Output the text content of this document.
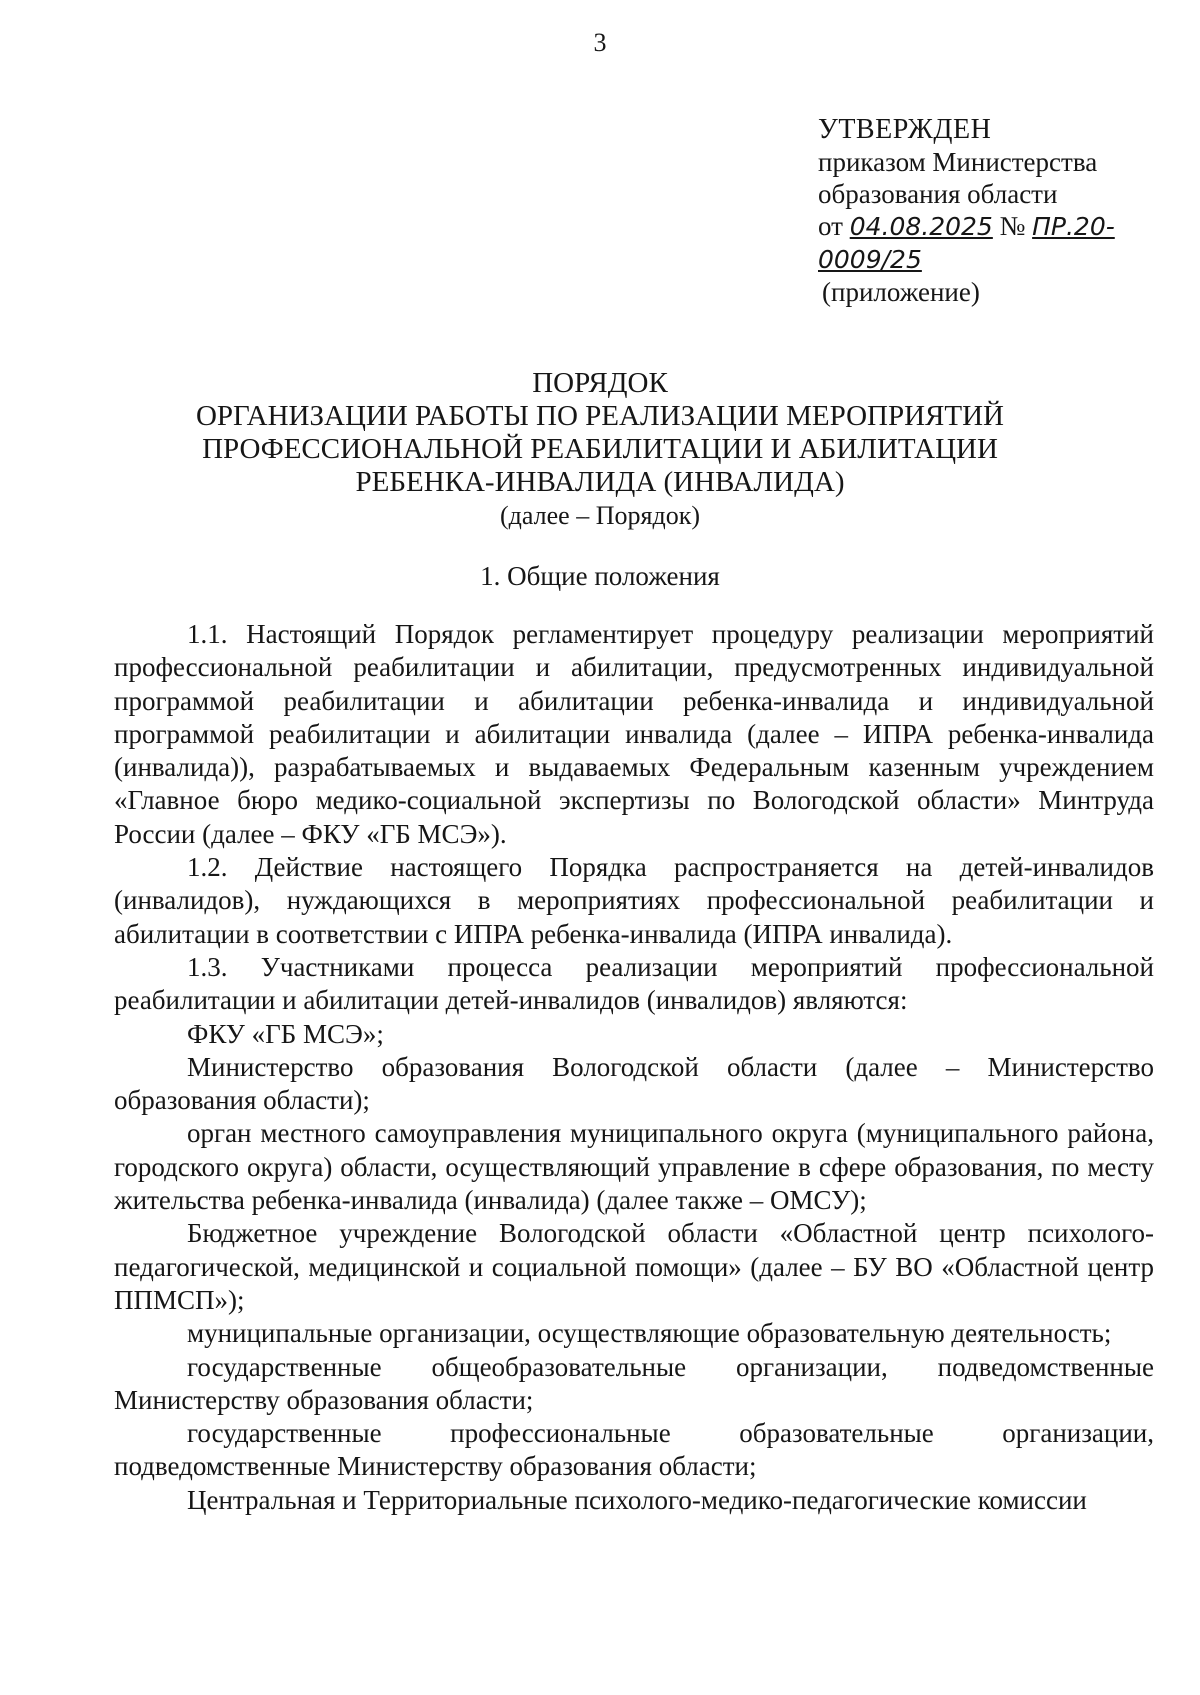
3
УТВЕРЖДЕН
приказом Министерства
образования области
от 04.08.2025 № ПР.20-0009/25
(приложение)
ПОРЯДОК
ОРГАНИЗАЦИИ РАБОТЫ ПО РЕАЛИЗАЦИИ МЕРОПРИЯТИЙ
ПРОФЕССИОНАЛЬНОЙ РЕАБИЛИТАЦИИ И АБИЛИТАЦИИ
РЕБЕНКА-ИНВАЛИДА (ИНВАЛИДА)
(далее – Порядок)
1. Общие положения

1.1. Настоящий Порядок регламентирует процедуру реализации мероприятий профессиональной реабилитации и абилитации, предусмотренных индивидуальной программой реабилитации и абилитации ребенка-инвалида и индивидуальной программой реабилитации и абилитации инвалида (далее – ИПРА ребенка-инвалида (инвалида)), разрабатываемых и выдаваемых Федеральным казенным учреждением «Главное бюро медико-социальной экспертизы по Вологодской области» Минтруда России (далее – ФКУ «ГБ МСЭ»).

1.2. Действие настоящего Порядка распространяется на детей-инвалидов (инвалидов), нуждающихся в мероприятиях профессиональной реабилитации и абилитации в соответствии с ИПРА ребенка-инвалида (ИПРА инвалида).

1.3. Участниками процесса реализации мероприятий профессиональной реабилитации и абилитации детей-инвалидов (инвалидов) являются:

ФКУ «ГБ МСЭ»;

Министерство образования Вологодской области (далее – Министерство образования области);

орган местного самоуправления муниципального округа (муниципального района, городского округа) области, осуществляющий управление в сфере образования, по месту жительства ребенка-инвалида (инвалида) (далее также – ОМСУ);

Бюджетное учреждение Вологодской области «Областной центр психолого-педагогической, медицинской и социальной помощи» (далее – БУ ВО «Областной центр ППМСП»);

муниципальные организации, осуществляющие образовательную деятельность;

государственные общеобразовательные организации, подведомственные Министерству образования области;

государственные профессиональные образовательные организации, подведомственные Министерству образования области;

Центральная и Территориальные психолого-медико-педагогические комиссии
